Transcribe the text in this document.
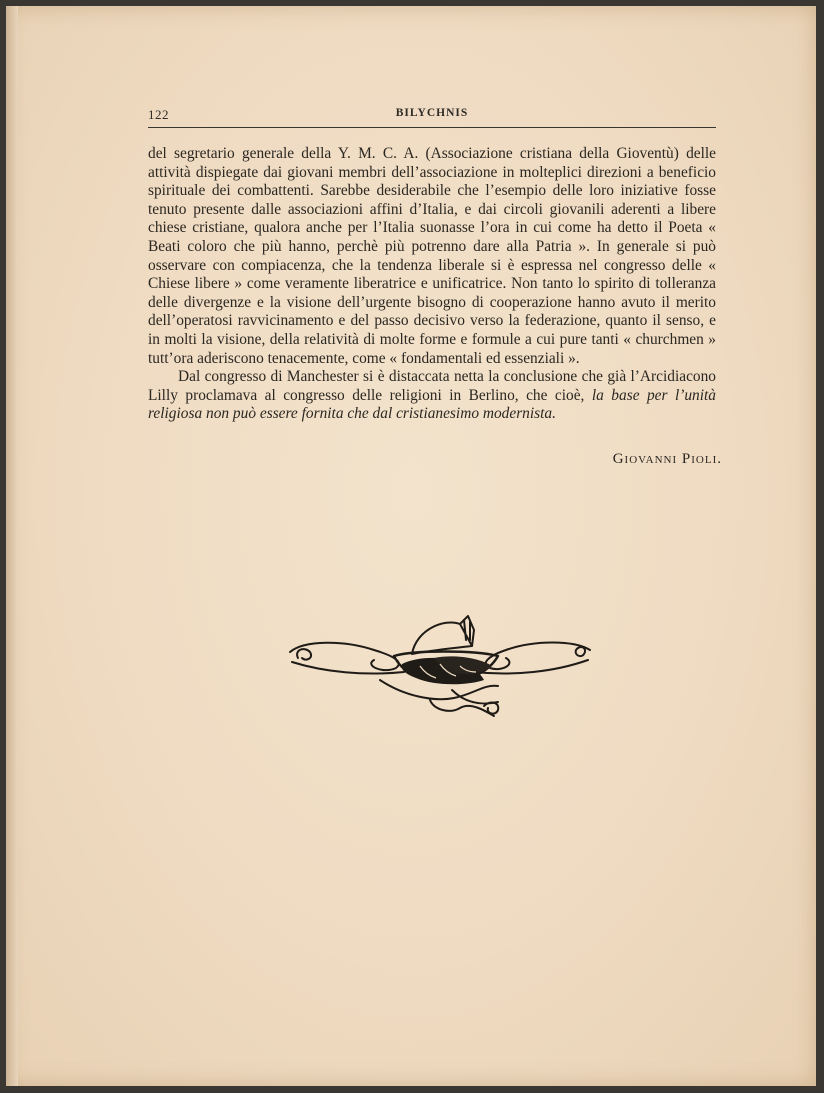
122	BILYCHNIS

del segretario generale della Y. M. C. A. (Associazione cristiana della Gioventù) delle attività dispiegate dai giovani membri dell’associazione in molteplici direzioni a beneficio spirituale dei combattenti. Sarebbe desiderabile che l’esempio delle loro iniziative fosse tenuto presente dalle associazioni affini d’Italia, e dai circoli giovanili aderenti a libere chiese cristiane, qualora anche per l’Italia suonasse l’ora in cui come ha detto il Poeta « Beati coloro che più hanno, perchè più potrenno dare alla Patria ». In generale si può osservare con compiacenza, che la tendenza liberale si è espressa nel congresso delle « Chiese libere » come veramente liberatrice e unificatrice. Non tanto lo spirito di tolleranza delle divergenze e la visione dell’urgente bisogno di cooperazione hanno avuto il merito dell’operatosi ravvicinamento e del passo decisivo verso la federazione, quanto il senso, e in molti la visione, della relatività di molte forme e formule a cui pure tanti « churchmen » tutt’ora aderiscono tenacemente, come « fondamentali ed essenziali ».

Dal congresso di Manchester si è distaccata netta la conclusione che già l’Arcidiacono Lilly proclamava al congresso delle religioni in Berlino, che cioè, la base per l’unità religiosa non può essere fornita che dal cristianesimo modernista.

Giovanni Pioli.
